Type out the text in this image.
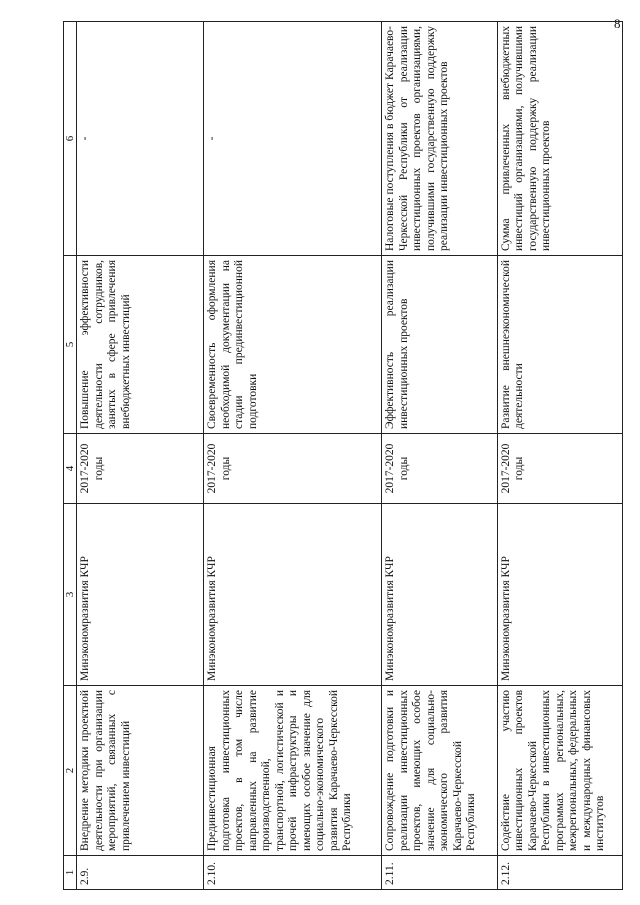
8
1	2	3	4	5	6
2.9.	Внедрение методики проектной деятельности при организации мероприятий, связанных с привлечением инвестиций	Минэкономразвития КЧР	2017-2020 годы	Повышение эффективности деятельности сотрудников, занятых в сфере привлечения внебюджетных инвестиций	-
2.10.	Прединвестиционная подготовка инвестиционных проектов, в том числе направленных на развитие производственной, транспортной, логистической и прочей инфраструктуры и имеющих особое значение для социально-экономического развития Карачаево-Черкесской Республики	Минэкономразвития КЧР	2017-2020 годы	Своевременность оформления необходимой документации на стадии прединвестиционной подготовки	-
2.11.	Сопровождение подготовки и реализации инвестиционных проектов, имеющих особое значение для социально-экономического развития Карачаево-Черкесской Республики	Минэкономразвития КЧР	2017-2020 годы	Эффективность реализации инвестиционных проектов	Налоговые поступления в бюджет Карачаево-Черкесской Республики от реализации инвестиционных проектов организациями, получившими государственную поддержку реализации инвестиционных проектов
2.12.	Содействие участию инвестиционных проектов Карачаево-Черкесской Республики в инвестиционных программах региональных, межрегиональных, федеральных и международных финансовых институтов	Минэкономразвития КЧР	2017-2020 годы	Развитие внешнеэкономической деятельности	Сумма привлеченных внебюджетных инвестиций организациями, получившими государственную поддержку реализации инвестиционных проектов
